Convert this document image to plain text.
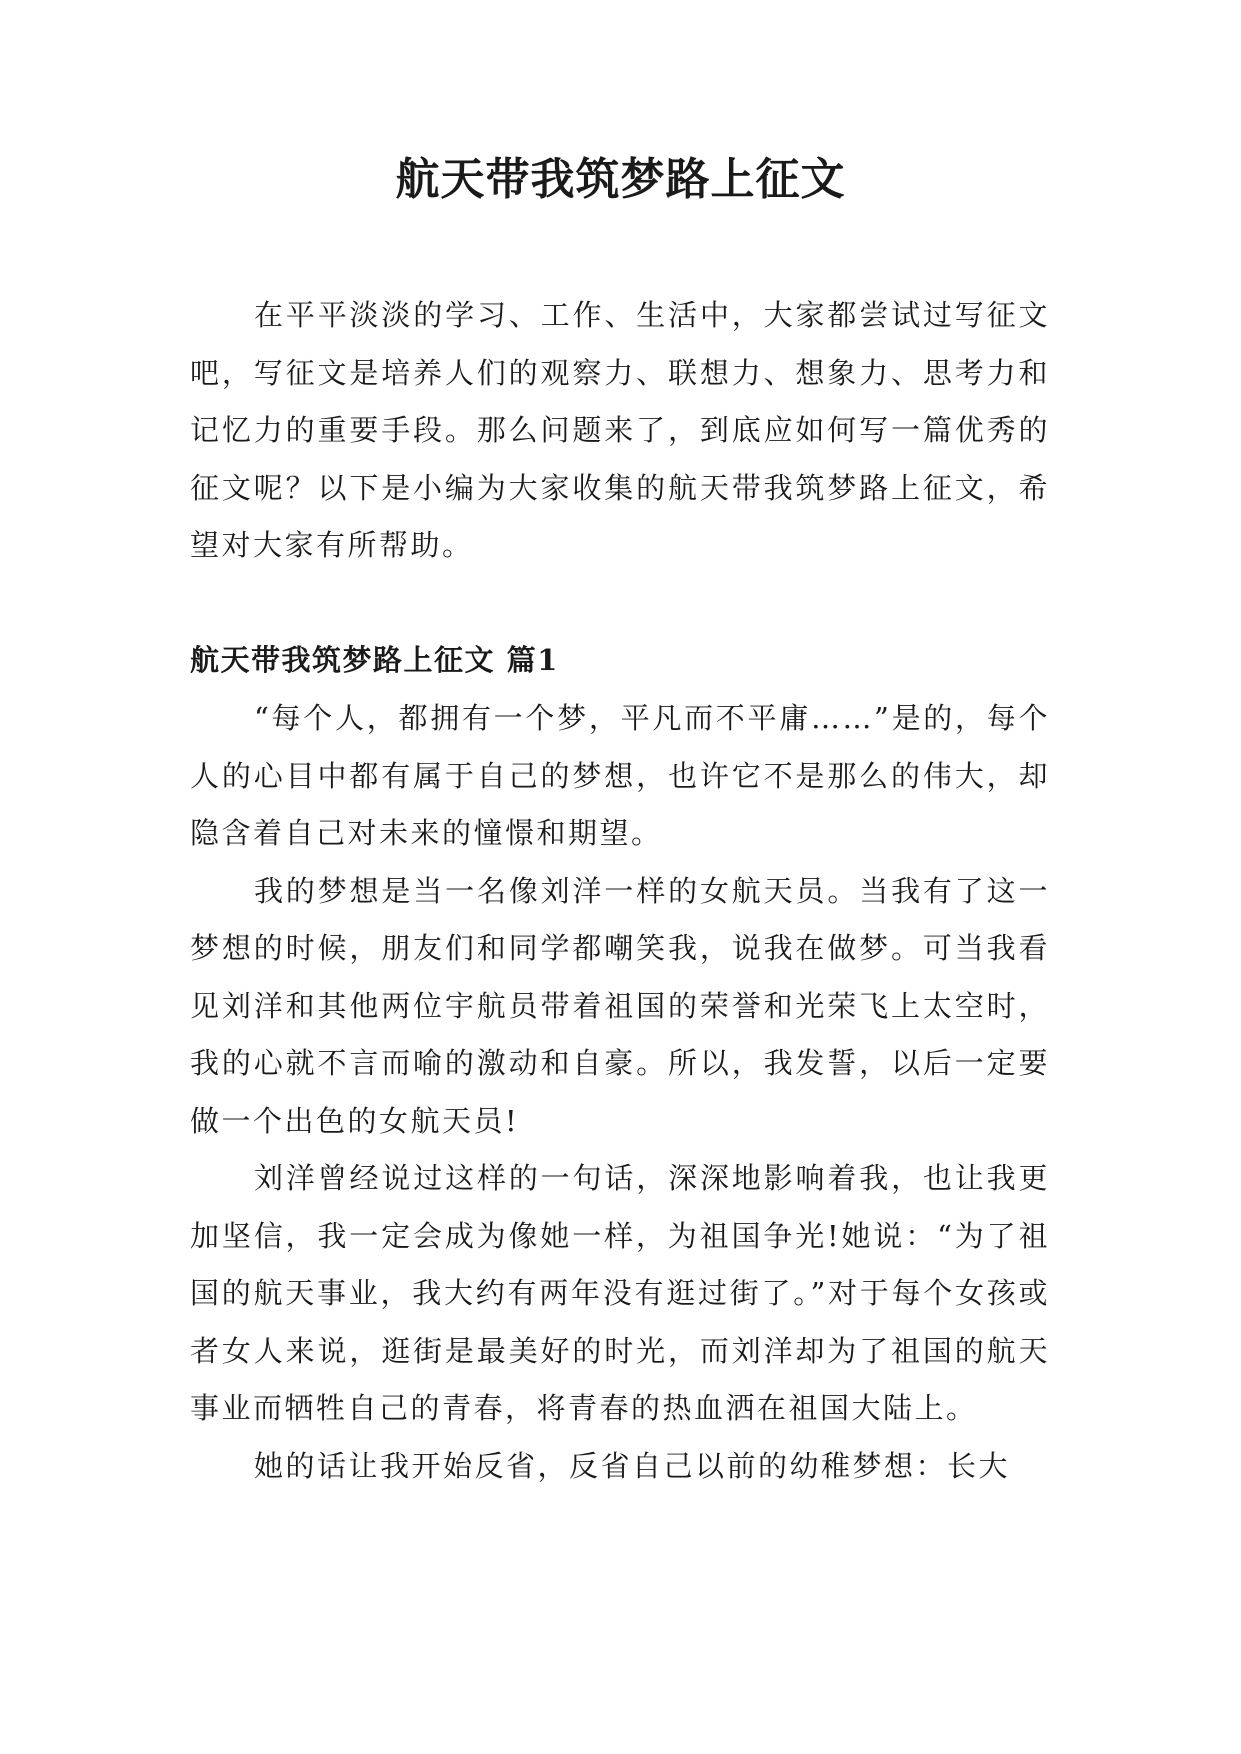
航天带我筑梦路上征文

在平平淡淡的学习、工作、生活中，大家都尝试过写征文吧，写征文是培养人们的观察力、联想力、想象力、思考力和记忆力的重要手段。那么问题来了，到底应如何写一篇优秀的征文呢？以下是小编为大家收集的航天带我筑梦路上征文，希望对大家有所帮助。

航天带我筑梦路上征文 篇1

“每个人，都拥有一个梦，平凡而不平庸……”是的，每个人的心目中都有属于自己的梦想，也许它不是那么的伟大，却隐含着自己对未来的憧憬和期望。

我的梦想是当一名像刘洋一样的女航天员。当我有了这一梦想的时候，朋友们和同学都嘲笑我，说我在做梦。可当我看见刘洋和其他两位宇航员带着祖国的荣誉和光荣飞上太空时，我的心就不言而喻的激动和自豪。所以，我发誓，以后一定要做一个出色的女航天员!

刘洋曾经说过这样的一句话，深深地影响着我，也让我更加坚信，我一定会成为像她一样，为祖国争光!她说：“为了祖国的航天事业，我大约有两年没有逛过街了。”对于每个女孩或者女人来说，逛街是最美好的时光，而刘洋却为了祖国的航天事业而牺牲自己的青春，将青春的热血洒在祖国大陆上。

她的话让我开始反省，反省自己以前的幼稚梦想：长大
